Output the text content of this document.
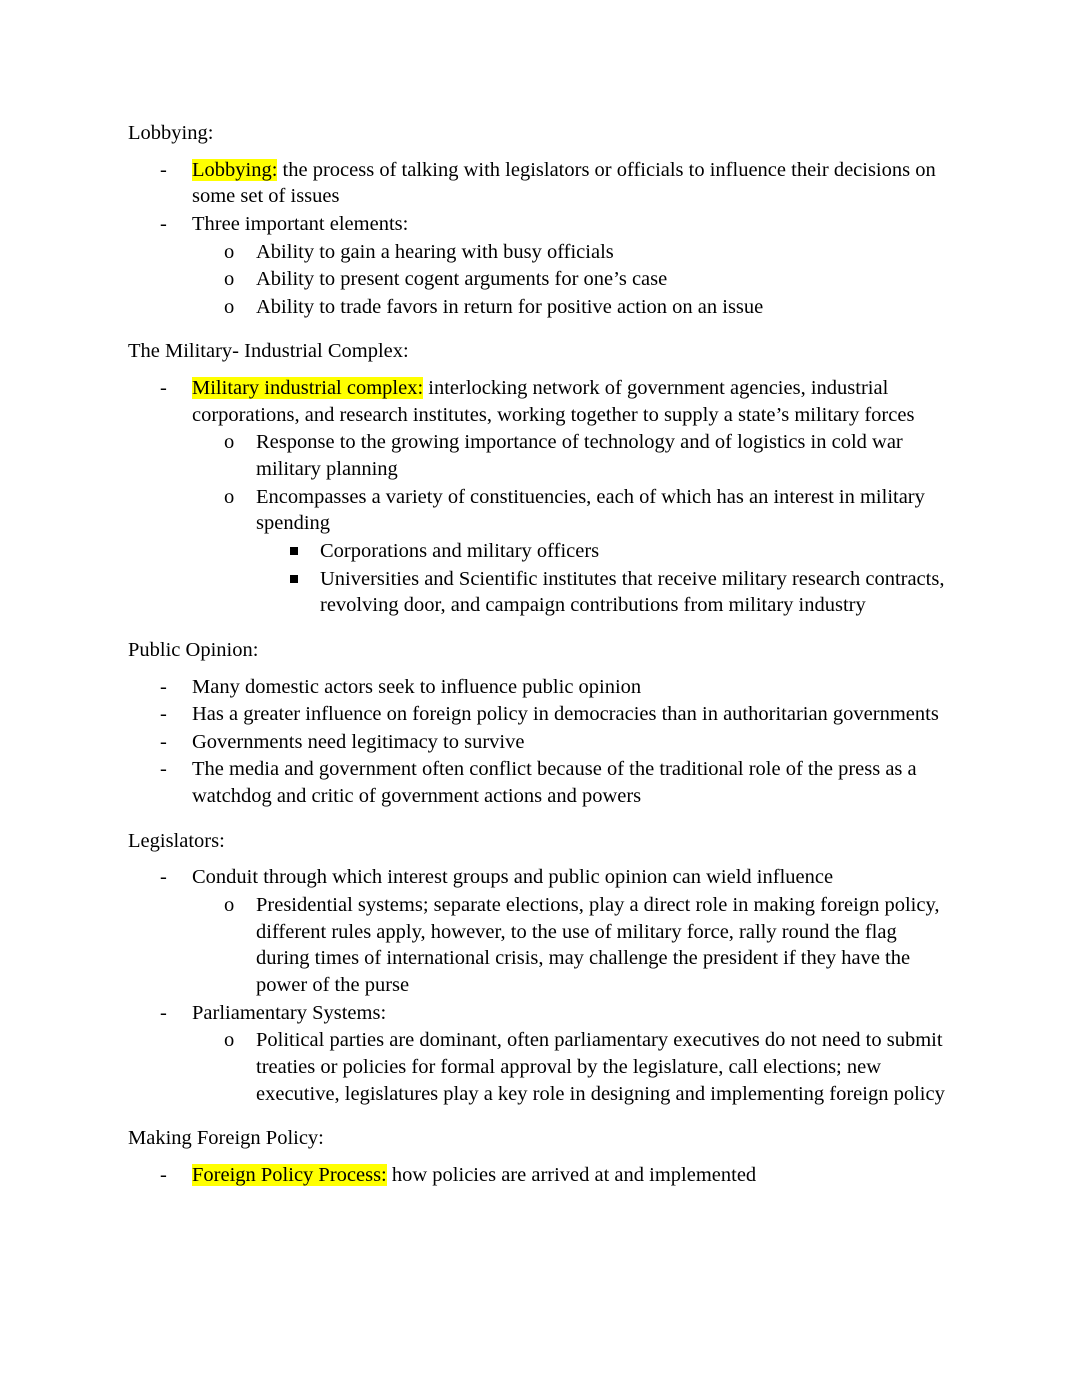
Lobbying:

-	Lobbying: the process of talking with legislators or officials to influence their decisions on some set of issues
-	Three important elements:
o Ability to gain a hearing with busy officials
o Ability to present cogent arguments for one’s case
o Ability to trade favors in return for positive action on an issue

The Military- Industrial Complex:

-	Military industrial complex: interlocking network of government agencies, industrial corporations, and research institutes, working together to supply a state’s military forces
o Response to the growing importance of technology and of logistics in cold war military planning
o Encompasses a variety of constituencies, each of which has an interest in military spending
Corporations and military officers
Universities and Scientific institutes that receive military research contracts, revolving door, and campaign contributions from military industry

Public Opinion:

-	Many domestic actors seek to influence public opinion
-	Has a greater influence on foreign policy in democracies than in authoritarian governments
-	Governments need legitimacy to survive
-	The media and government often conflict because of the traditional role of the press as a watchdog and critic of government actions and powers

Legislators:

-	Conduit through which interest groups and public opinion can wield influence
o Presidential systems; separate elections, play a direct role in making foreign policy, different rules apply, however, to the use of military force, rally round the flag during times of international crisis, may challenge the president if they have the power of the purse
-	Parliamentary Systems:
o Political parties are dominant, often parliamentary executives do not need to submit treaties or policies for formal approval by the legislature, call elections; new executive, legislatures play a key role in designing and implementing foreign policy

Making Foreign Policy:

-	Foreign Policy Process: how policies are arrived at and implemented
